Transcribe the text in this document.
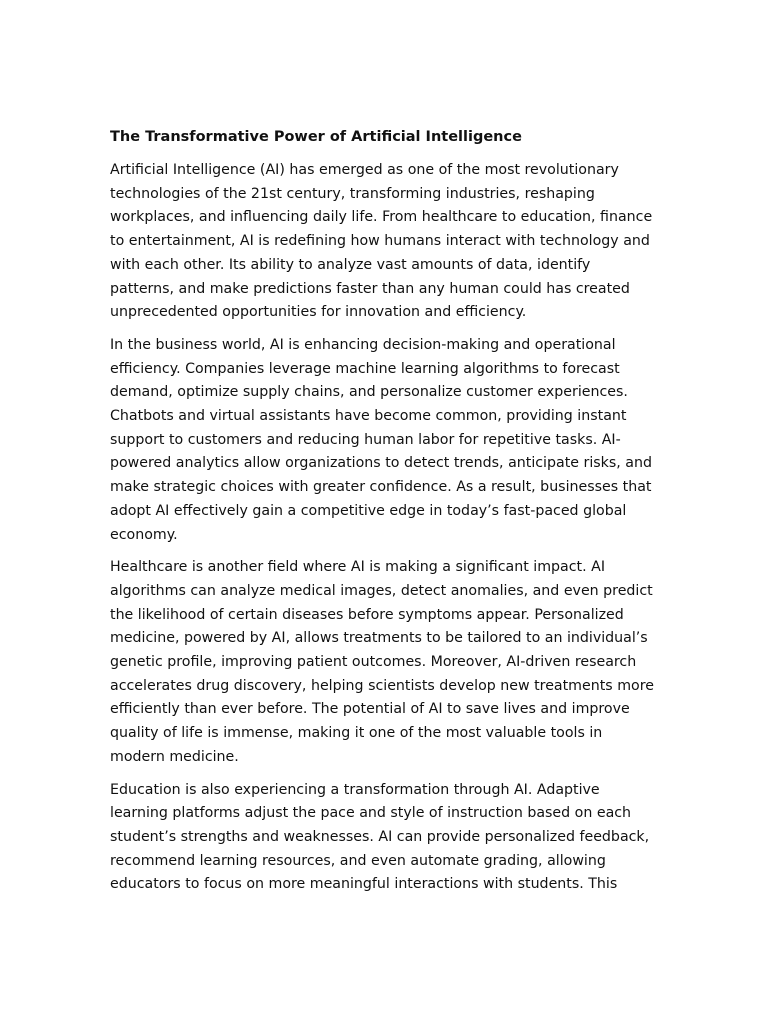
The Transformative Power of Artificial Intelligence
Artificial Intelligence (AI) has emerged as one of the most revolutionary
technologies of the 21st century, transforming industries, reshaping
workplaces, and influencing daily life. From healthcare to education, finance
to entertainment, AI is redefining how humans interact with technology and
with each other. Its ability to analyze vast amounts of data, identify
patterns, and make predictions faster than any human could has created
unprecedented opportunities for innovation and efficiency.
In the business world, AI is enhancing decision-making and operational
efficiency. Companies leverage machine learning algorithms to forecast
demand, optimize supply chains, and personalize customer experiences.
Chatbots and virtual assistants have become common, providing instant
support to customers and reducing human labor for repetitive tasks. AI-
powered analytics allow organizations to detect trends, anticipate risks, and
make strategic choices with greater confidence. As a result, businesses that
adopt AI effectively gain a competitive edge in today’s fast-paced global
economy.
Healthcare is another field where AI is making a significant impact. AI
algorithms can analyze medical images, detect anomalies, and even predict
the likelihood of certain diseases before symptoms appear. Personalized
medicine, powered by AI, allows treatments to be tailored to an individual’s
genetic profile, improving patient outcomes. Moreover, AI-driven research
accelerates drug discovery, helping scientists develop new treatments more
efficiently than ever before. The potential of AI to save lives and improve
quality of life is immense, making it one of the most valuable tools in
modern medicine.
Education is also experiencing a transformation through AI. Adaptive
learning platforms adjust the pace and style of instruction based on each
student’s strengths and weaknesses. AI can provide personalized feedback,
recommend learning resources, and even automate grading, allowing
educators to focus on more meaningful interactions with students. This
